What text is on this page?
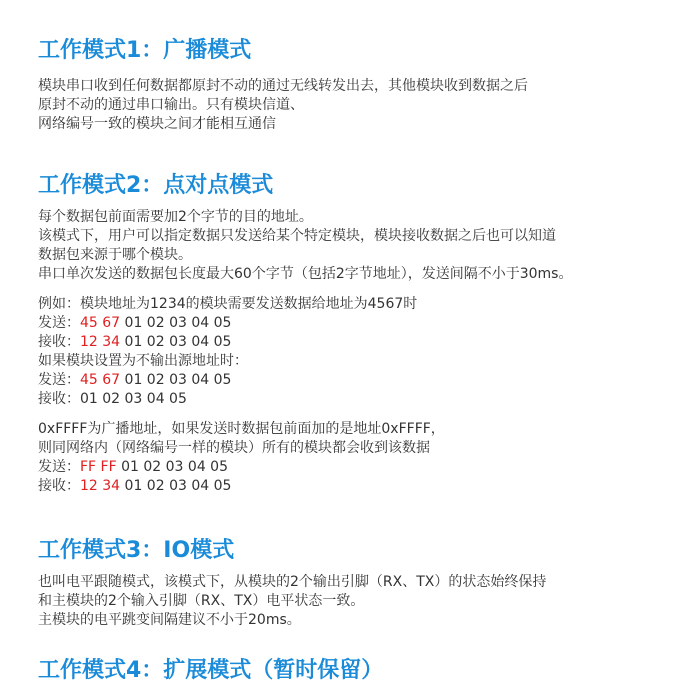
工作模式1：广播模式

模块串口收到任何数据都原封不动的通过无线转发出去，其他模块收到数据之后

原封不动的通过串口输出。只有模块信道、

网络编号一致的模块之间才能相互通信

工作模式2：点对点模式

每个数据包前面需要加2个字节的目的地址。

该模式下，用户可以指定数据只发送给某个特定模块，模块接收数据之后也可以知道

数据包来源于哪个模块。

串口单次发送的数据包长度最大60个字节（包括2字节地址），发送间隔不小于30ms。

例如：模块地址为1234的模块需要发送数据给地址为4567时

发送：45 67 01 02 03 04 05

接收：12 34 01 02 03 04 05

如果模块设置为不输出源地址时：

发送：45 67 01 02 03 04 05

接收：01 02 03 04 05

0xFFFF为广播地址，如果发送时数据包前面加的是地址0xFFFF，

则同网络内（网络编号一样的模块）所有的模块都会收到该数据

发送：FF FF 01 02 03 04 05

接收：12 34 01 02 03 04 05

工作模式3：IO模式

也叫电平跟随模式，该模式下，从模块的2个输出引脚（RX、TX）的状态始终保持

和主模块的2个输入引脚（RX、TX）电平状态一致。

主模块的电平跳变间隔建议不小于20ms。

工作模式4：扩展模式（暂时保留）
